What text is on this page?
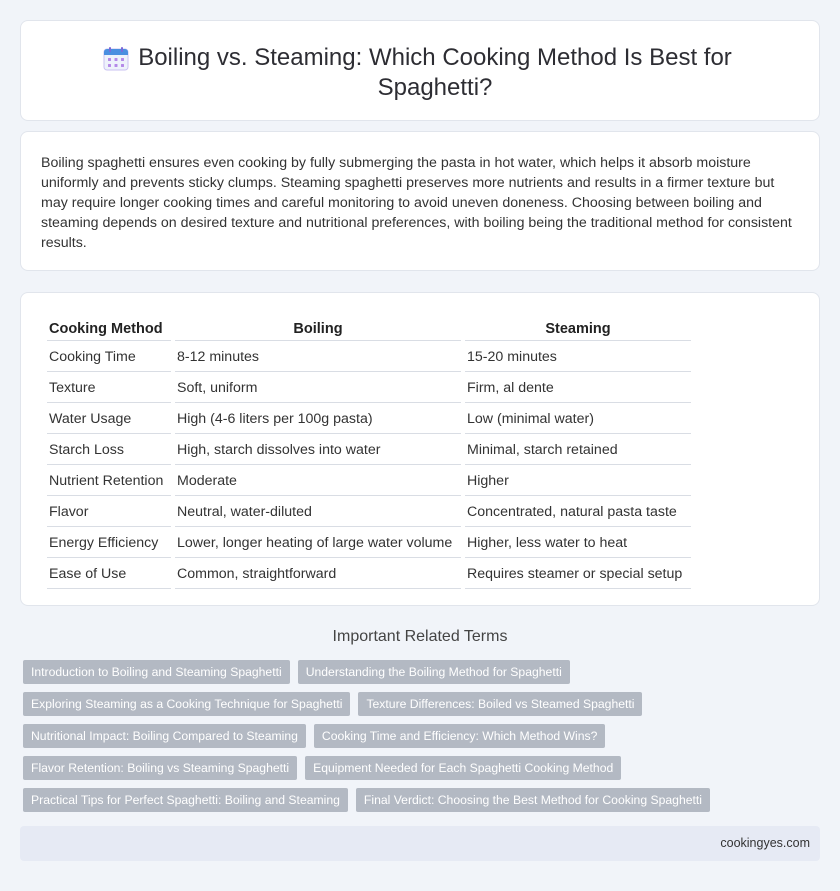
Boiling vs. Steaming: Which Cooking Method Is Best for Spaghetti?

Boiling spaghetti ensures even cooking by fully submerging the pasta in hot water, which helps it absorb moisture uniformly and prevents sticky clumps. Steaming spaghetti preserves more nutrients and results in a firmer texture but may require longer cooking times and careful monitoring to avoid uneven doneness. Choosing between boiling and steaming depends on desired texture and nutritional preferences, with boiling being the traditional method for consistent results.

Cooking Method	Boiling	Steaming
Cooking Time	8-12 minutes	15-20 minutes
Texture	Soft, uniform	Firm, al dente
Water Usage	High (4-6 liters per 100g pasta)	Low (minimal water)
Starch Loss	High, starch dissolves into water	Minimal, starch retained
Nutrient Retention	Moderate	Higher
Flavor	Neutral, water-diluted	Concentrated, natural pasta taste
Energy Efficiency	Lower, longer heating of large water volume	Higher, less water to heat
Ease of Use	Common, straightforward	Requires steamer or special setup
Important Related Terms
Introduction to Boiling and Steaming Spaghetti	Understanding the Boiling Method for Spaghetti
Exploring Steaming as a Cooking Technique for Spaghetti	Texture Differences: Boiled vs Steamed Spaghetti
Nutritional Impact: Boiling Compared to Steaming	Cooking Time and Efficiency: Which Method Wins?
Flavor Retention: Boiling vs Steaming Spaghetti	Equipment Needed for Each Spaghetti Cooking Method
Practical Tips for Perfect Spaghetti: Boiling and Steaming	Final Verdict: Choosing the Best Method for Cooking Spaghetti
cookingyes.com
